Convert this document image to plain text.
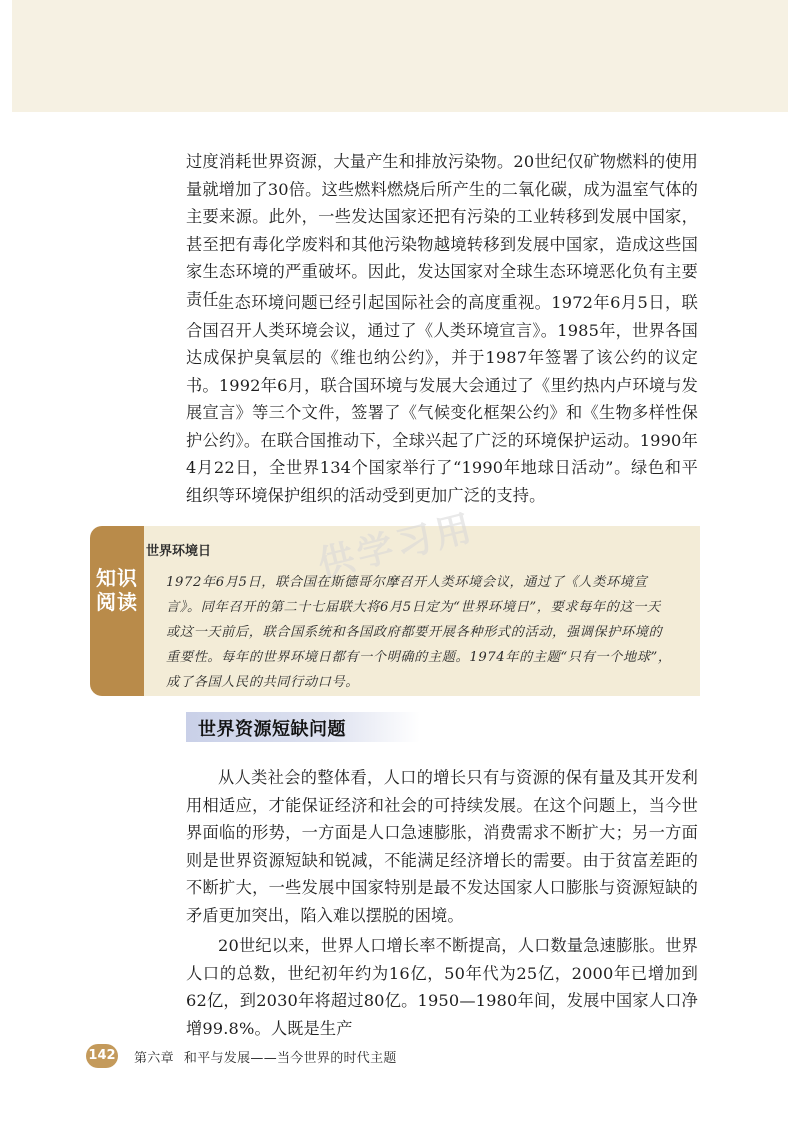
过度消耗世界资源，大量产生和排放污染物。20世纪仅矿物燃料的使用量就增加了30倍。这些燃料燃烧后所产生的二氧化碳，成为温室气体的主要来源。此外，一些发达国家还把有污染的工业转移到发展中国家，甚至把有毒化学废料和其他污染物越境转移到发展中国家，造成这些国家生态环境的严重破坏。因此，发达国家对全球生态环境恶化负有主要责任。

生态环境问题已经引起国际社会的高度重视。1972年6月5日，联合国召开人类环境会议，通过了《人类环境宣言》。1985年，世界各国达成保护臭氧层的《维也纳公约》，并于1987年签署了该公约的议定书。1992年6月，联合国环境与发展大会通过了《里约热内卢环境与发展宣言》等三个文件，签署了《气候变化框架公约》和《生物多样性保护公约》。在联合国推动下，全球兴起了广泛的环境保护运动。1990年4月22日，全世界134个国家举行了“1990年地球日活动”。绿色和平组织等环境保护组织的活动受到更加广泛的支持。

知识
阅读
供学习用

世界环境日

1972年6月5日，联合国在斯德哥尔摩召开人类环境会议，通过了《人类环境宣言》。同年召开的第二十七届联大将6月5日定为“世界环境日”，要求每年的这一天或这一天前后，联合国系统和各国政府都要开展各种形式的活动，强调保护环境的重要性。每年的世界环境日都有一个明确的主题。1974年的主题“只有一个地球”，成了各国人民的共同行动口号。

世界资源短缺问题

从人类社会的整体看，人口的增长只有与资源的保有量及其开发利用相适应，才能保证经济和社会的可持续发展。在这个问题上，当今世界面临的形势，一方面是人口急速膨胀，消费需求不断扩大；另一方面则是世界资源短缺和锐减，不能满足经济增长的需要。由于贫富差距的不断扩大，一些发展中国家特别是最不发达国家人口膨胀与资源短缺的矛盾更加突出，陷入难以摆脱的困境。

20世纪以来，世界人口增长率不断提高，人口数量急速膨胀。世界人口的总数，世纪初年约为16亿，50年代为25亿，2000年已增加到62亿，到2030年将超过80亿。1950—1980年间，发展中国家人口净增99.8%。人既是生产

142 第六章 和平与发展——当今世界的时代主题
